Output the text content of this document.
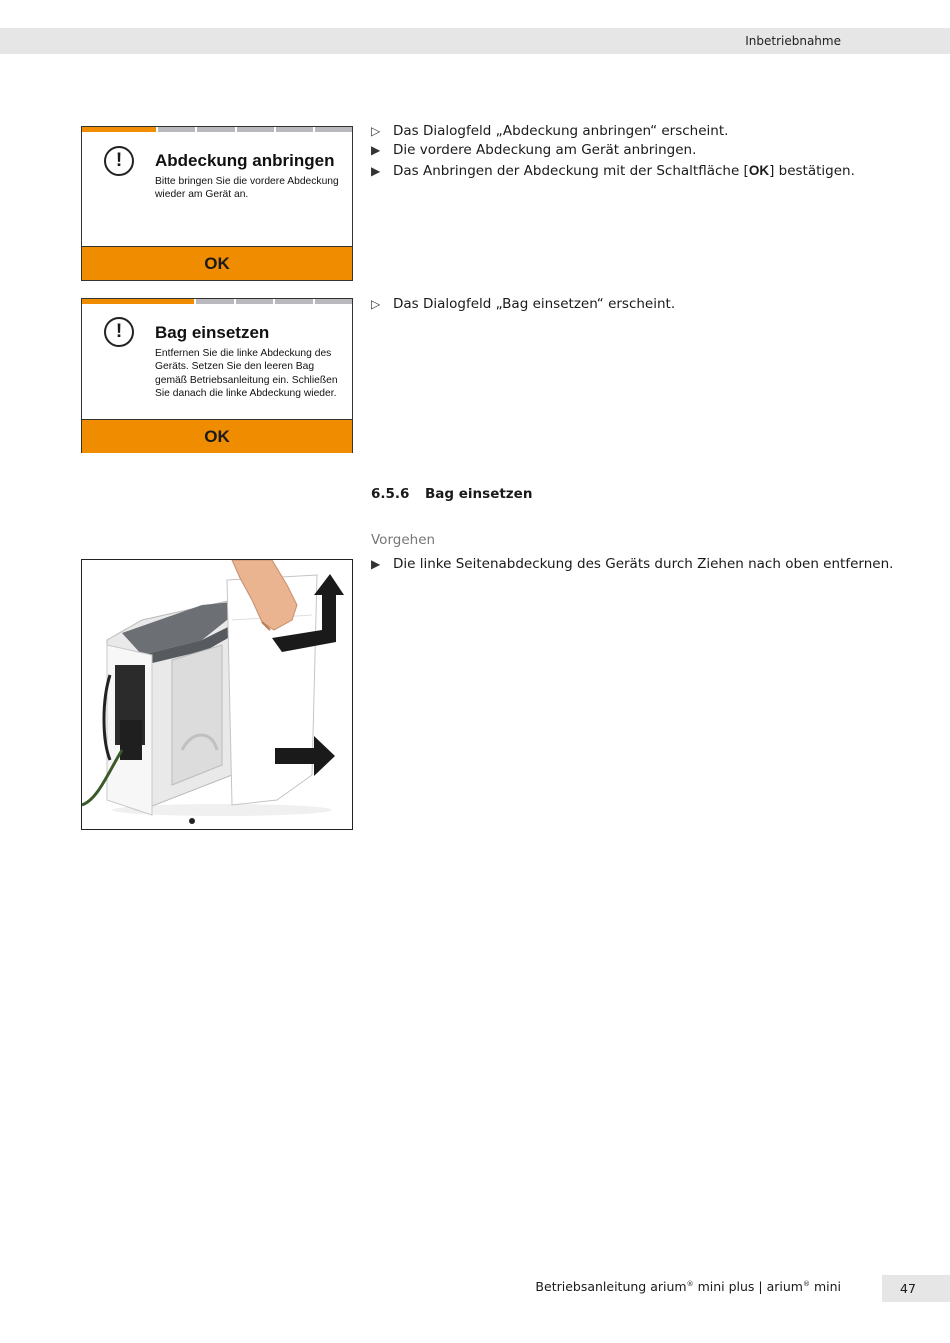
Inbetriebnahme
!	Abdeckung anbringen
Bitte bringen Sie die vordere Abdeckung wieder am Gerät an.
OK
!	Bag einsetzen
Entfernen Sie die linke Abdeckung des Geräts. Setzen Sie den leeren Bag gemäß Betriebsanleitung ein. Schließen Sie danach die linke Abdeckung wieder.
OK
▷ Das Dialogfeld „Abdeckung anbringen“ erscheint.
▶ Die vordere Abdeckung am Gerät anbringen.
▶ Das Anbringen der Abdeckung mit der Schaltfläche [OK] bestätigen.
▷ Das Dialogfeld „Bag einsetzen“ erscheint.
6.5.6 Bag einsetzen
Vorgehen
▶ Die linke Seitenabdeckung des Geräts durch Ziehen nach oben entfernen.
Betriebsanleitung arium® mini plus | arium® mini	47
